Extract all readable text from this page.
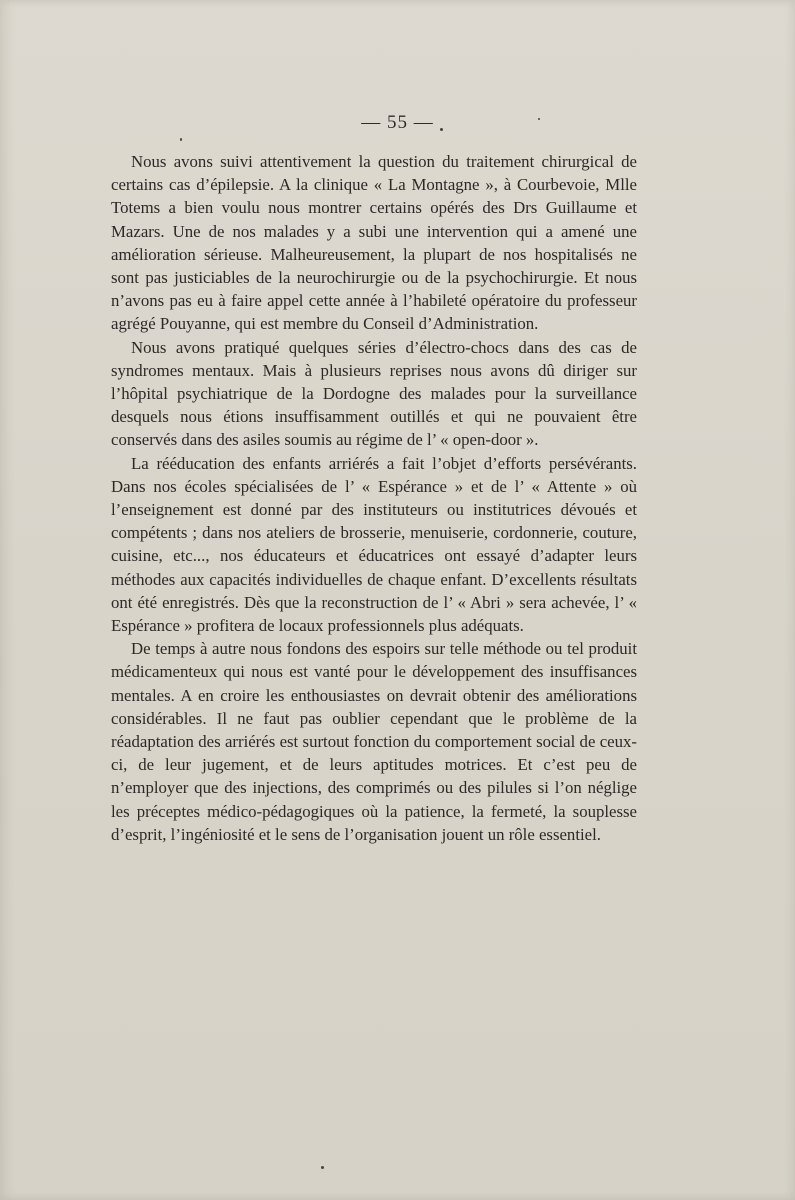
— 55 —

Nous avons suivi attentivement la question du traitement chirurgical de certains cas d’épilepsie. A la clinique « La Montagne », à Courbevoie, Mlle Totems a bien voulu nous montrer certains opérés des Drs Guillaume et Mazars. Une de nos malades y a subi une intervention qui a amené une amélioration sérieuse. Malheureusement, la plupart de nos hospitalisés ne sont pas justiciables de la neurochirurgie ou de la psychochirurgie. Et nous n’avons pas eu à faire appel cette année à l’habileté opératoire du professeur agrégé Pouyanne, qui est membre du Conseil d’Administration.

Nous avons pratiqué quelques séries d’électro-chocs dans des cas de syndromes mentaux. Mais à plusieurs reprises nous avons dû diriger sur l’hôpital psychiatrique de la Dordogne des malades pour la surveillance desquels nous étions insuffisamment outillés et qui ne pouvaient être conservés dans des asiles soumis au régime de l’ « open-door ».

La rééducation des enfants arriérés a fait l’objet d’efforts persévérants. Dans nos écoles spécialisées de l’ « Espérance » et de l’ « Attente » où l’enseignement est donné par des instituteurs ou institutrices dévoués et compétents ; dans nos ateliers de brosserie, menuiserie, cordonnerie, couture, cuisine, etc..., nos éducateurs et éducatrices ont essayé d’adapter leurs méthodes aux capacités individuelles de chaque enfant. D’excellents résultats ont été enregistrés. Dès que la reconstruction de l’ « Abri » sera achevée, l’ « Espérance » profitera de locaux professionnels plus adéquats.

De temps à autre nous fondons des espoirs sur telle méthode ou tel produit médicamenteux qui nous est vanté pour le développement des insuffisances mentales. A en croire les enthousiastes on devrait obtenir des améliorations considérables. Il ne faut pas oublier cependant que le problème de la réadaptation des arriérés est surtout fonction du comportement social de ceux-ci, de leur jugement, et de leurs aptitudes motrices. Et c’est peu de n’employer que des injections, des comprimés ou des pilules si l’on néglige les préceptes médico-pédagogiques où la patience, la fermeté, la souplesse d’esprit, l’ingéniosité et le sens de l’organisation jouent un rôle essentiel.
